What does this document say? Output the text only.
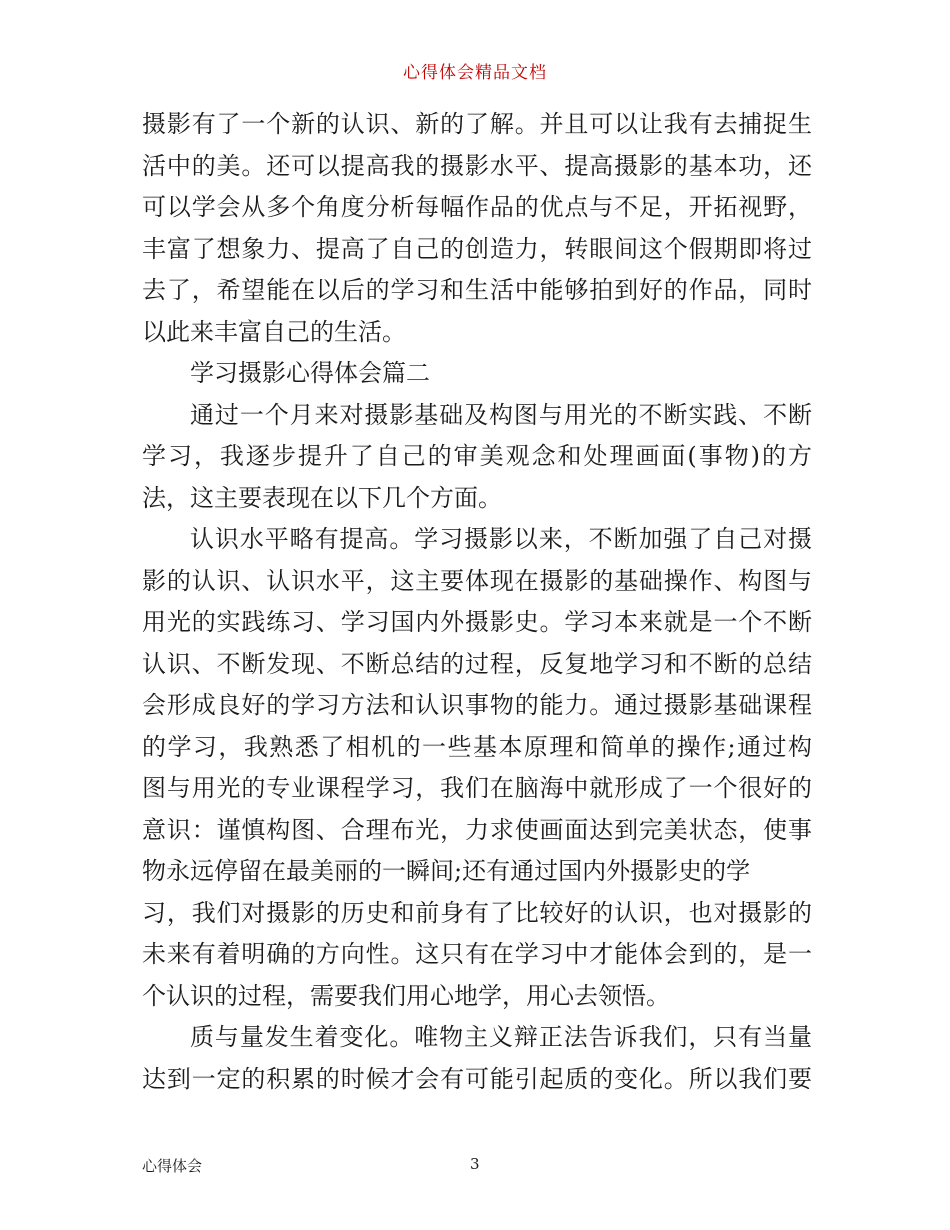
心得体会精品文档
摄影有了一个新的认识、新的了解。并且可以让我有去捕捉生
活中的美。还可以提高我的摄影水平、提高摄影的基本功，还
可以学会从多个角度分析每幅作品的优点与不足，开拓视野，
丰富了想象力、提高了自己的创造力，转眼间这个假期即将过
去了，希望能在以后的学习和生活中能够拍到好的作品，同时
以此来丰富自己的生活。
学习摄影心得体会篇二
通过一个月来对摄影基础及构图与用光的不断实践、不断
学习，我逐步提升了自己的审美观念和处理画面(事物)的方
法，这主要表现在以下几个方面。
认识水平略有提高。学习摄影以来，不断加强了自己对摄
影的认识、认识水平，这主要体现在摄影的基础操作、构图与
用光的实践练习、学习国内外摄影史。学习本来就是一个不断
认识、不断发现、不断总结的过程，反复地学习和不断的总结
会形成良好的学习方法和认识事物的能力。通过摄影基础课程
的学习，我熟悉了相机的一些基本原理和简单的操作;通过构
图与用光的专业课程学习，我们在脑海中就形成了一个很好的
意识：谨慎构图、合理布光，力求使画面达到完美状态，使事
物永远停留在最美丽的一瞬间;还有通过国内外摄影史的学
习，我们对摄影的历史和前身有了比较好的认识，也对摄影的
未来有着明确的方向性。这只有在学习中才能体会到的，是一
个认识的过程，需要我们用心地学，用心去领悟。
质与量发生着变化。唯物主义辩正法告诉我们，只有当量
达到一定的积累的时候才会有可能引起质的变化。所以我们要
心得体会	3
